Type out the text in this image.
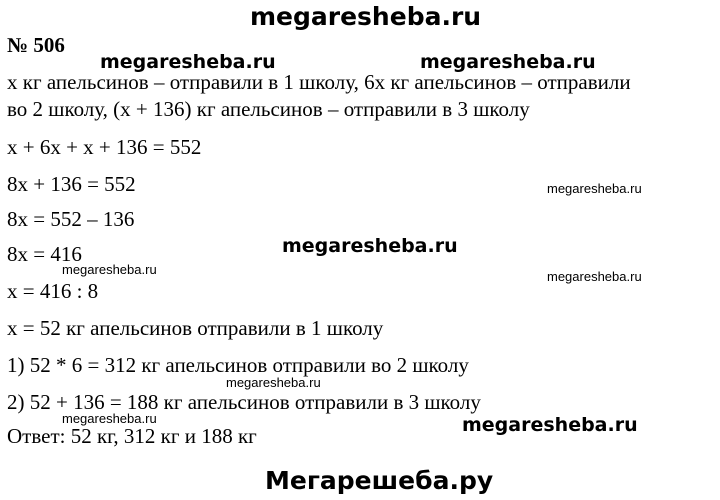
megaresheba.ru
megaresheba.ru	megaresheba.ru
megaresheba.ru
megaresheba.ru
megaresheba.ru
megaresheba.ru
megaresheba.ru
megaresheba.ru	megaresheba.ru
Мегарешеба.ру
№ 506
x кг апельсинов – отправили в 1 школу, 6x кг апельсинов – отправили
во 2 школу, (x + 136) кг апельсинов – отправили в 3 школу
x + 6x + x + 136 = 552
8x + 136 = 552
8x = 552 – 136
8x = 416
x = 416 : 8
x = 52 кг апельсинов отправили в 1 школу
1) 52 * 6 = 312 кг апельсинов отправили во 2 школу
2) 52 + 136 = 188 кг апельсинов отправили в 3 школу
Ответ: 52 кг, 312 кг и 188 кг
